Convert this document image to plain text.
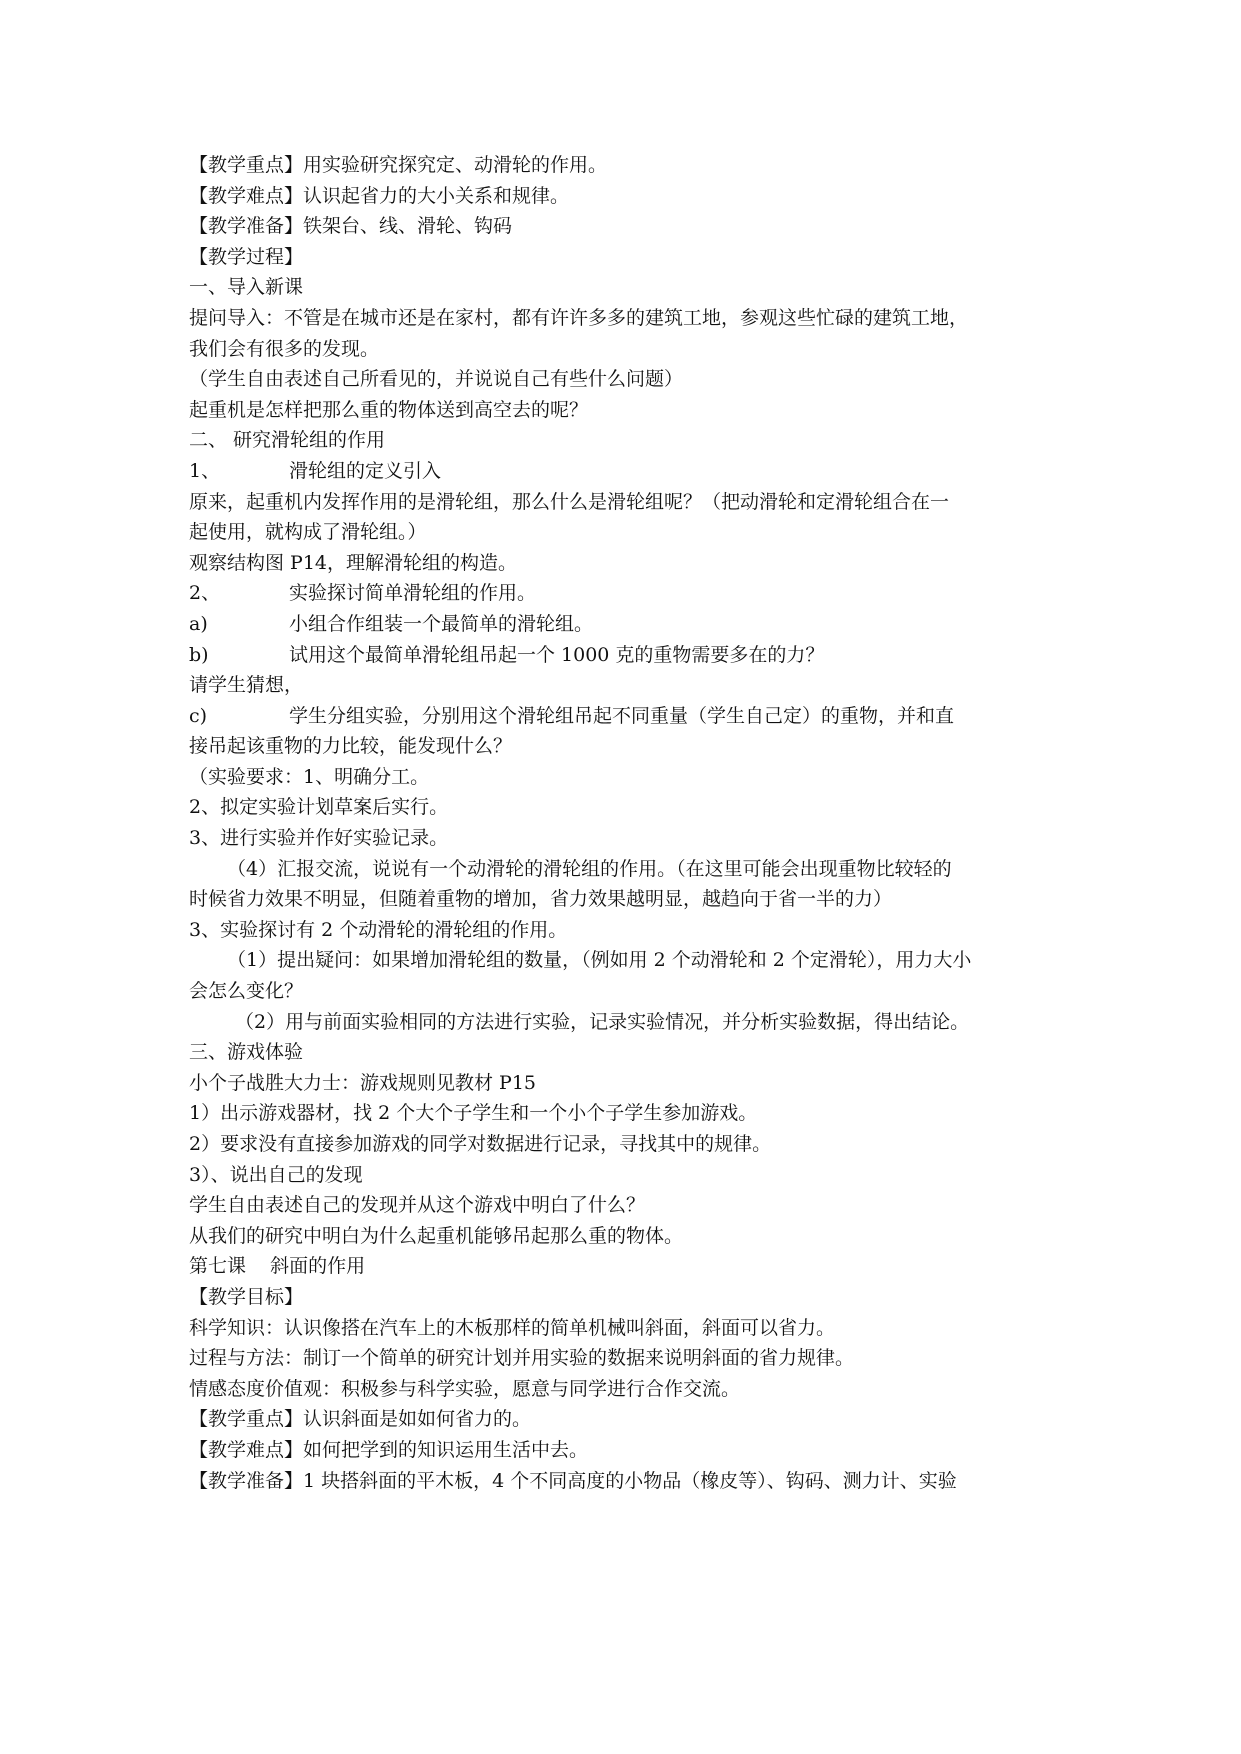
【教学重点】用实验研究探究定、动滑轮的作用。
【教学难点】认识起省力的大小关系和规律。
【教学准备】铁架台、线、滑轮、钩码
【教学过程】
一、导入新课
提问导入：不管是在城市还是在家村，都有许许多多的建筑工地，参观这些忙碌的建筑工地，
我们会有很多的发现。
（学生自由表述自己所看见的，并说说自己有些什么问题）
起重机是怎样把那么重的物体送到高空去的呢？
二、 研究滑轮组的作用
1、	滑轮组的定义引入
原来，起重机内发挥作用的是滑轮组，那么什么是滑轮组呢？（把动滑轮和定滑轮组合在一
起使用，就构成了滑轮组。）
观察结构图 P14，理解滑轮组的构造。
2、	实验探讨简单滑轮组的作用。
a)	小组合作组装一个最简单的滑轮组。
b)	试用这个最简单滑轮组吊起一个 1000 克的重物需要多在的力？
请学生猜想，
c)	学生分组实验，分别用这个滑轮组吊起不同重量（学生自己定）的重物，并和直
接吊起该重物的力比较，能发现什么？
（实验要求：1、明确分工。
2、拟定实验计划草案后实行。
3、进行实验并作好实验记录。
（4）汇报交流，说说有一个动滑轮的滑轮组的作用。（在这里可能会出现重物比较轻的
时候省力效果不明显，但随着重物的增加，省力效果越明显，越趋向于省一半的力）
3、实验探讨有 2 个动滑轮的滑轮组的作用。
（1）提出疑问：如果增加滑轮组的数量，（例如用 2 个动滑轮和 2 个定滑轮），用力大小
会怎么变化？
（2）用与前面实验相同的方法进行实验，记录实验情况，并分析实验数据，得出结论。
三、游戏体验
小个子战胜大力士：游戏规则见教材 P15
1）出示游戏器材，找 2 个大个子学生和一个小个子学生参加游戏。
2）要求没有直接参加游戏的同学对数据进行记录，寻找其中的规律。
3）、说出自己的发现
学生自由表述自己的发现并从这个游戏中明白了什么？
从我们的研究中明白为什么起重机能够吊起那么重的物体。
第七课    斜面的作用
【教学目标】
科学知识：认识像搭在汽车上的木板那样的简单机械叫斜面，斜面可以省力。
过程与方法：制订一个简单的研究计划并用实验的数据来说明斜面的省力规律。
情感态度价值观：积极参与科学实验，愿意与同学进行合作交流。
【教学重点】认识斜面是如如何省力的。
【教学难点】如何把学到的知识运用生活中去。
【教学准备】1 块搭斜面的平木板，4 个不同高度的小物品（橡皮等）、钩码、测力计、实验
